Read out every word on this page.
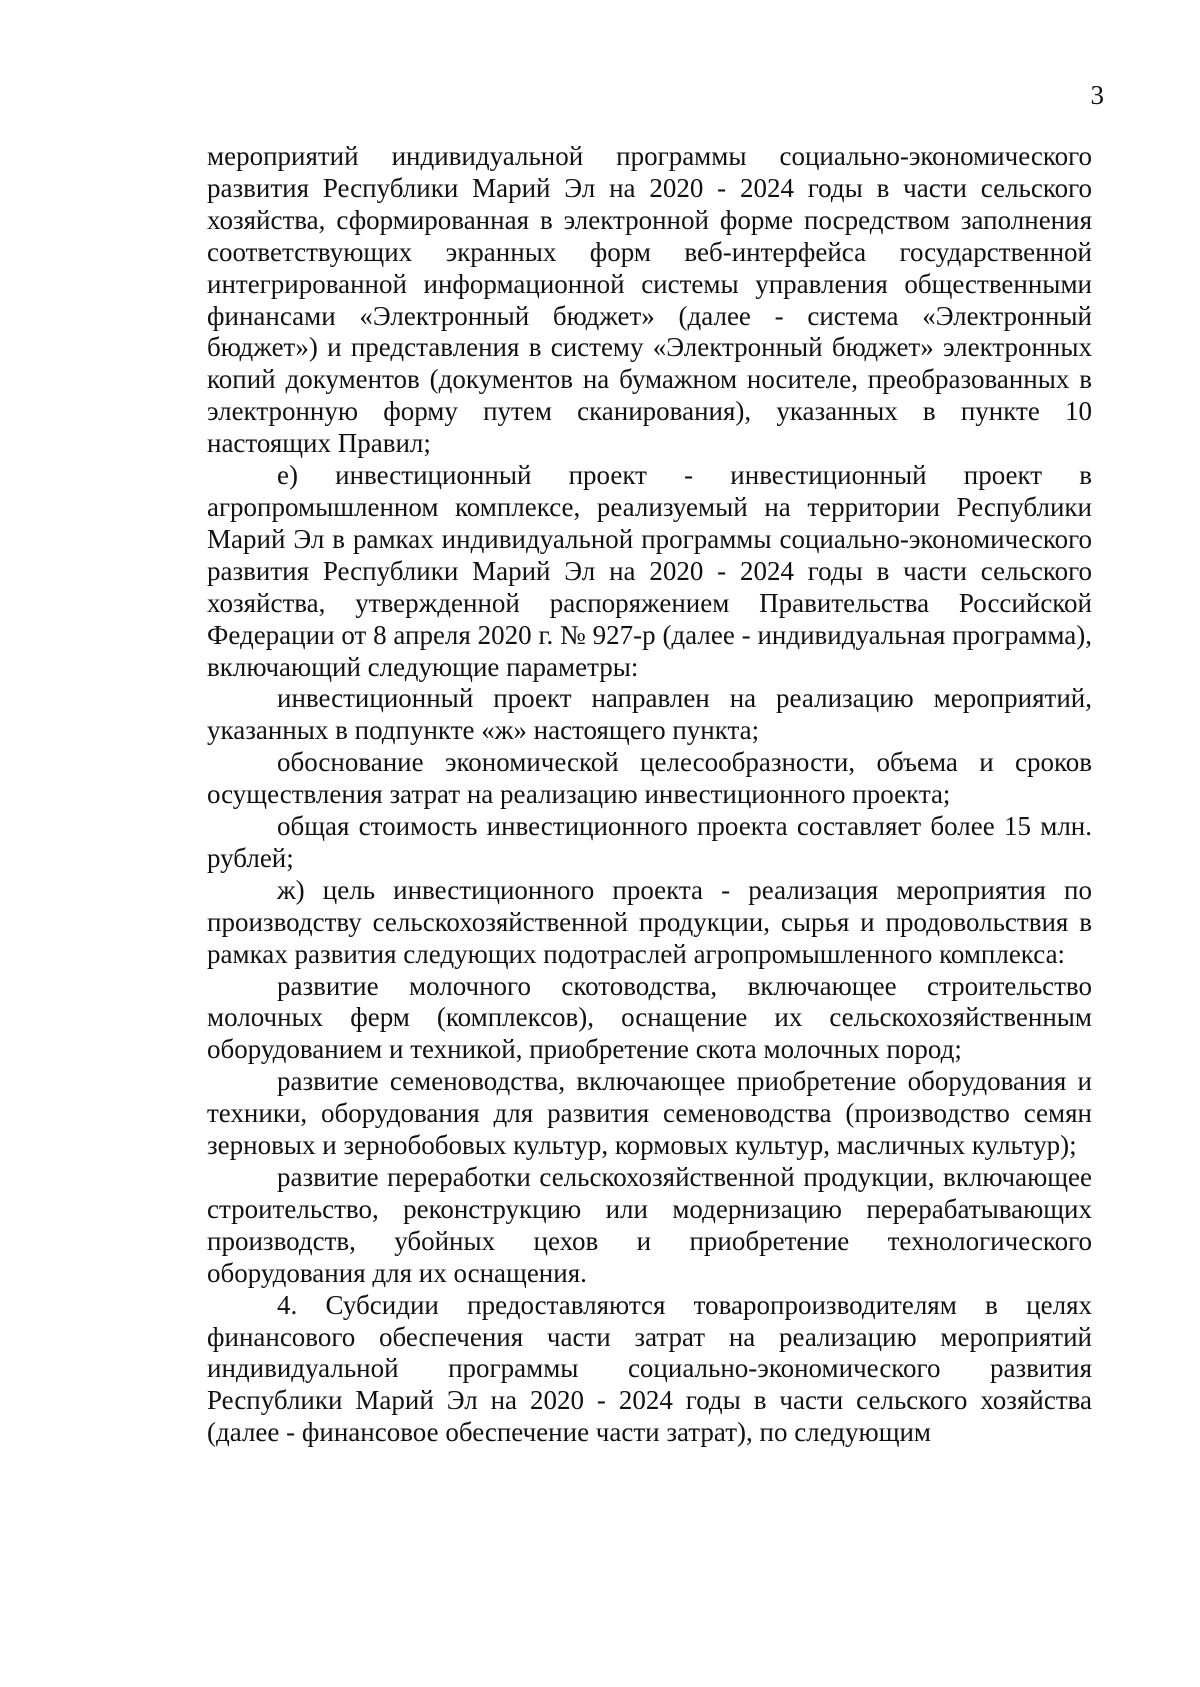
3

мероприятий индивидуальной программы социально-экономического развития Республики Марий Эл на 2020 - 2024 годы в части сельского хозяйства, сформированная в электронной форме посредством заполнения соответствующих экранных форм веб-интерфейса государственной интегрированной информационной системы управления общественными финансами «Электронный бюджет» (далее - система «Электронный бюджет») и представления в систему «Электронный бюджет» электронных копий документов (документов на бумажном носителе, преобразованных в электронную форму путем сканирования), указанных в пункте 10 настоящих Правил;

е) инвестиционный проект - инвестиционный проект в агропромышленном комплексе, реализуемый на территории Республики Марий Эл в рамках индивидуальной программы социально-экономического развития Республики Марий Эл на 2020 - 2024 годы в части сельского хозяйства, утвержденной распоряжением Правительства Российской Федерации от 8 апреля 2020 г. № 927-р (далее - индивидуальная программа), включающий следующие параметры:

инвестиционный проект направлен на реализацию мероприятий, указанных в подпункте «ж» настоящего пункта;

обоснование экономической целесообразности, объема и сроков осуществления затрат на реализацию инвестиционного проекта;

общая стоимость инвестиционного проекта составляет более 15 млн. рублей;

ж) цель инвестиционного проекта - реализация мероприятия по производству сельскохозяйственной продукции, сырья и продовольствия в рамках развития следующих подотраслей агропромышленного комплекса:

развитие молочного скотоводства, включающее строительство молочных ферм (комплексов), оснащение их сельскохозяйственным оборудованием и техникой, приобретение скота молочных пород;

развитие семеноводства, включающее приобретение оборудования и техники, оборудования для развития семеноводства (производство семян зерновых и зернобобовых культур, кормовых культур, масличных культур);

развитие переработки сельскохозяйственной продукции, включающее строительство, реконструкцию или модернизацию перерабатывающих производств, убойных цехов и приобретение технологического оборудования для их оснащения.

4. Субсидии предоставляются товаропроизводителям в целях финансового обеспечения части затрат на реализацию мероприятий индивидуальной программы социально-экономического развития Республики Марий Эл на 2020 - 2024 годы в части сельского хозяйства (далее - финансовое обеспечение части затрат), по следующим
